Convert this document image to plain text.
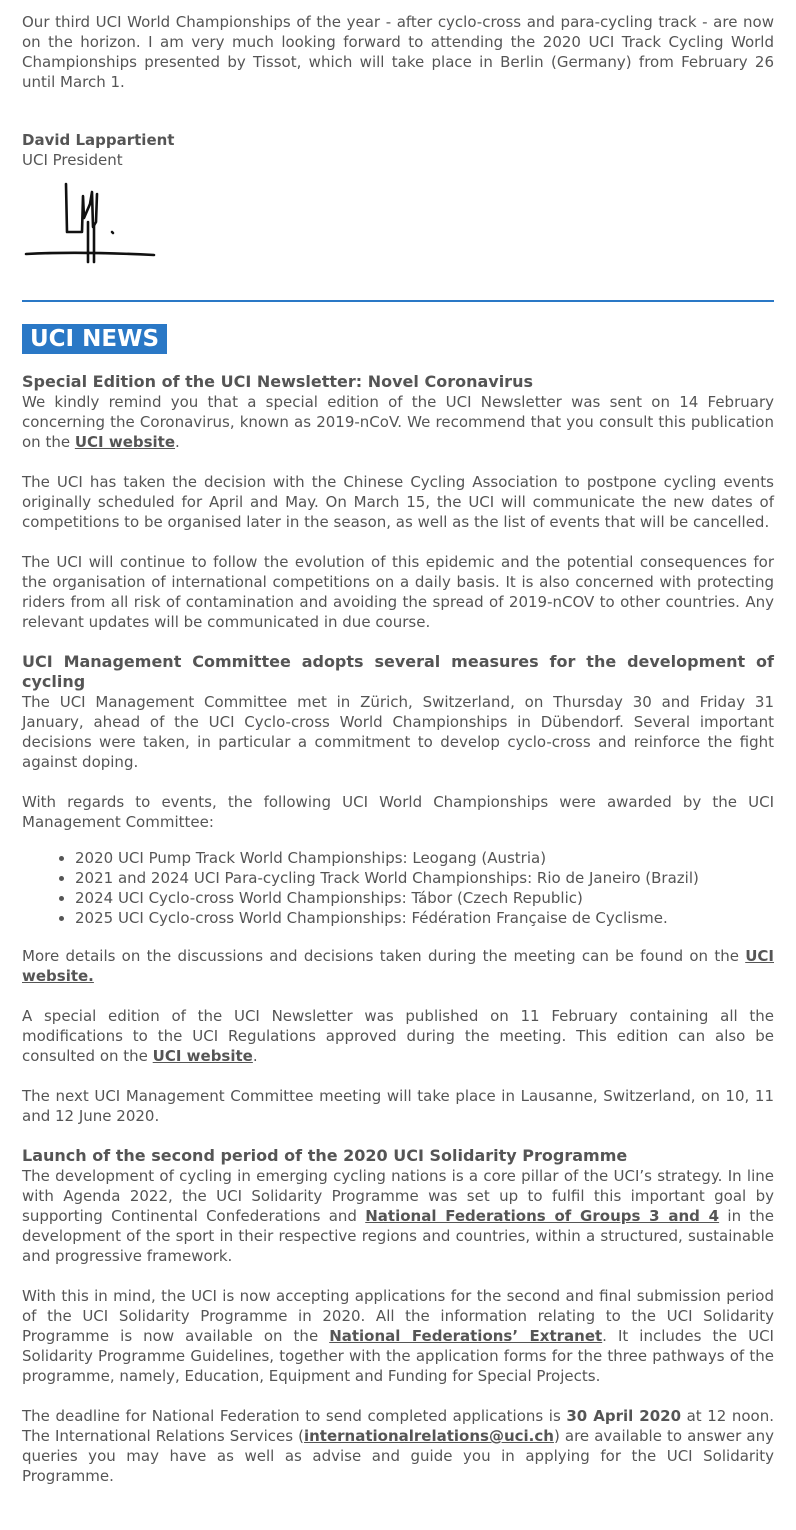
Our third UCI World Championships of the year - after cyclo-cross and para-cycling track - are now on the horizon. I am very much looking forward to attending the 2020 UCI Track Cycling World Championships presented by Tissot, which will take place in Berlin (Germany) from February 26 until March 1.

David Lappartient
UCI President
UCI NEWS
Special Edition of the UCI Newsletter: Novel Coronavirus

We kindly remind you that a special edition of the UCI Newsletter was sent on 14 February concerning the Coronavirus, known as 2019-nCoV. We recommend that you consult this publication on the UCI website.

The UCI has taken the decision with the Chinese Cycling Association to postpone cycling events originally scheduled for April and May. On March 15, the UCI will communicate the new dates of competitions to be organised later in the season, as well as the list of events that will be cancelled.

The UCI will continue to follow the evolution of this epidemic and the potential consequences for the organisation of international competitions on a daily basis. It is also concerned with protecting riders from all risk of contamination and avoiding the spread of 2019-nCOV to other countries. Any relevant updates will be communicated in due course.

UCI Management Committee adopts several measures for the development of cycling

The UCI Management Committee met in Zürich, Switzerland, on Thursday 30 and Friday 31 January, ahead of the UCI Cyclo-cross World Championships in Dübendorf. Several important decisions were taken, in particular a commitment to develop cyclo-cross and reinforce the fight against doping.

With regards to events, the following UCI World Championships were awarded by the UCI Management Committee:

• 2020 UCI Pump Track World Championships: Leogang (Austria)
• 2021 and 2024 UCI Para-cycling Track World Championships: Rio de Janeiro (Brazil)
• 2024 UCI Cyclo-cross World Championships: Tábor (Czech Republic)
• 2025 UCI Cyclo-cross World Championships: Fédération Française de Cyclisme.

More details on the discussions and decisions taken during the meeting can be found on the UCI website.

A special edition of the UCI Newsletter was published on 11 February containing all the modifications to the UCI Regulations approved during the meeting. This edition can also be consulted on the UCI website.

The next UCI Management Committee meeting will take place in Lausanne, Switzerland, on 10, 11 and 12 June 2020.

Launch of the second period of the 2020 UCI Solidarity Programme

The development of cycling in emerging cycling nations is a core pillar of the UCI’s strategy. In line with Agenda 2022, the UCI Solidarity Programme was set up to fulfil this important goal by supporting Continental Confederations and National Federations of Groups 3 and 4 in the development of the sport in their respective regions and countries, within a structured, sustainable and progressive framework.

With this in mind, the UCI is now accepting applications for the second and final submission period of the UCI Solidarity Programme in 2020. All the information relating to the UCI Solidarity Programme is now available on the National Federations’ Extranet. It includes the UCI Solidarity Programme Guidelines, together with the application forms for the three pathways of the programme, namely, Education, Equipment and Funding for Special Projects.

The deadline for National Federation to send completed applications is 30 April 2020 at 12 noon. The International Relations Services (internationalrelations@uci.ch) are available to answer any queries you may have as well as advise and guide you in applying for the UCI Solidarity Programme.
